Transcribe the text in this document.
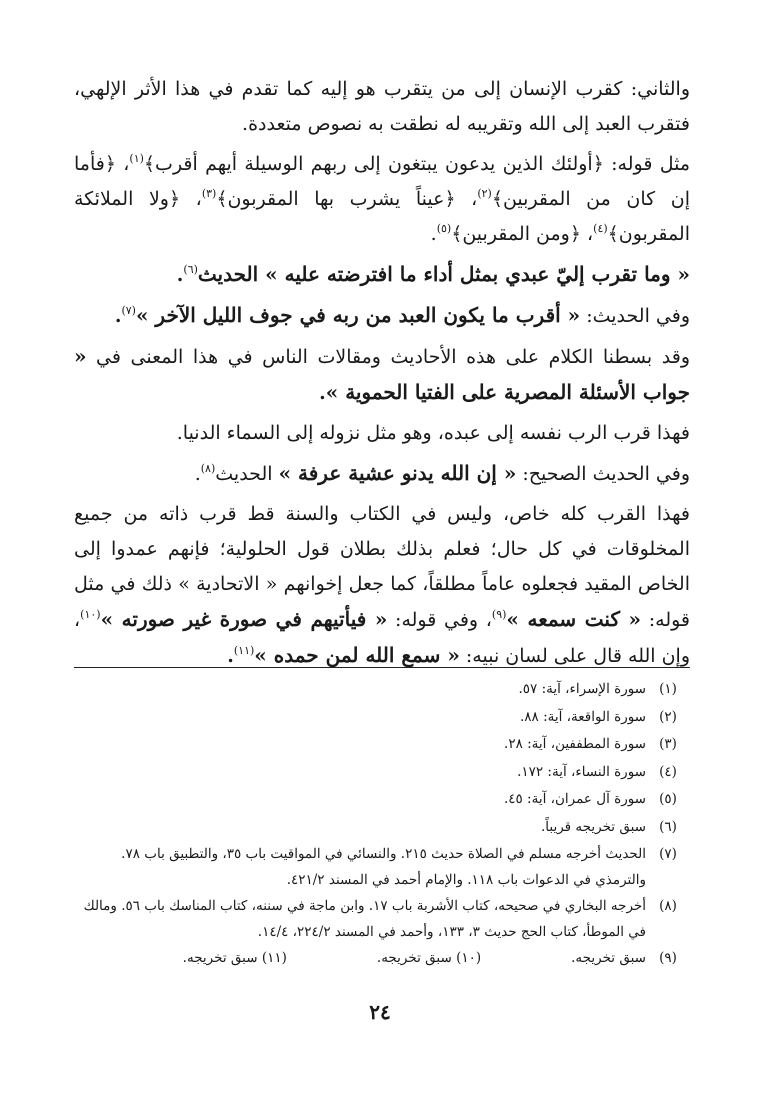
والثاني: كقرب الإنسان إلى من يتقرب هو إليه كما تقدم في هذا الأثر الإلهي، فتقرب العبد إلى الله وتقريبه له نطقت به نصوص متعددة.

مثل قوله: ﴿أولئك الذين يدعون يبتغون إلى ربهم الوسيلة أيهم أقرب﴾$^{(١)}$، ﴿فأما إن كان من المقربين﴾$^{(٢)}$، ﴿عيناً يشرب بها المقربون﴾$^{(٣)}$، ﴿ولا الملائكة المقربون﴾$^{(٤)}$، ﴿ومن المقربين﴾$^{(٥)}$.

« وما تقرب إليّ عبدي بمثل أداء ما افترضته عليه » الحديث$^{(٦)}$.

وفي الحديث: « أقرب ما يكون العبد من ربه في جوف الليل الآخر »$^{(٧)}$.

وقد بسطنا الكلام على هذه الأحاديث ومقالات الناس في هذا المعنى في « جواب الأسئلة المصرية على الفتيا الحموية ».

فهذا قرب الرب نفسه إلى عبده، وهو مثل نزوله إلى السماء الدنيا.

وفي الحديث الصحيح: « إن الله يدنو عشية عرفة » الحديث$^{(٨)}$.

فهذا القرب كله خاص، وليس في الكتاب والسنة قط قرب ذاته من جميع المخلوقات في كل حال؛ فعلم بذلك بطلان قول الحلولية؛ فإنهم عمدوا إلى الخاص المقيد فجعلوه عاماً مطلقاً، كما جعل إخوانهم « الاتحادية » ذلك في مثل قوله: « كنت سمعه »$^{(٩)}$، وفي قوله: « فيأتيهم في صورة غير صورته »$^{(١٠)}$، وإن الله قال على لسان نبيه: « سمع الله لمن حمده »$^{(١١)}$.

(١)
سورة الإسراء، آية: ٥٧.
(٢)
سورة الواقعة، آية: ٨٨.
(٣)
سورة المطففين، آية: ٢٨.
(٤)
سورة النساء، آية: ١٧٢.
(٥)
سورة آل عمران، آية: ٤٥.
(٦)
سبق تخريجه قريباً.
(٧)
الحديث أخرجه مسلم في الصلاة حديث ٢١٥. والنسائي في المواقيت باب ٣٥، والتطبيق باب ٧٨. والترمذي في الدعوات باب ١١٨. والإمام أحمد في المسند ٤٢١/٢.
(٨)
أخرجه البخاري في صحيحه، كتاب الأشربة باب ١٧. وابن ماجة في سننه، كتاب المناسك باب ٥٦. ومالك في الموطأ، كتاب الحج حديث ٣، ١٣٣، وأحمد في المسند ٢٢٤/٢، ١٤/٤.
(٩)
سبق تخريجه.
(١٠) سبق تخريجه.
(١١) سبق تخريجه.
٢٤
